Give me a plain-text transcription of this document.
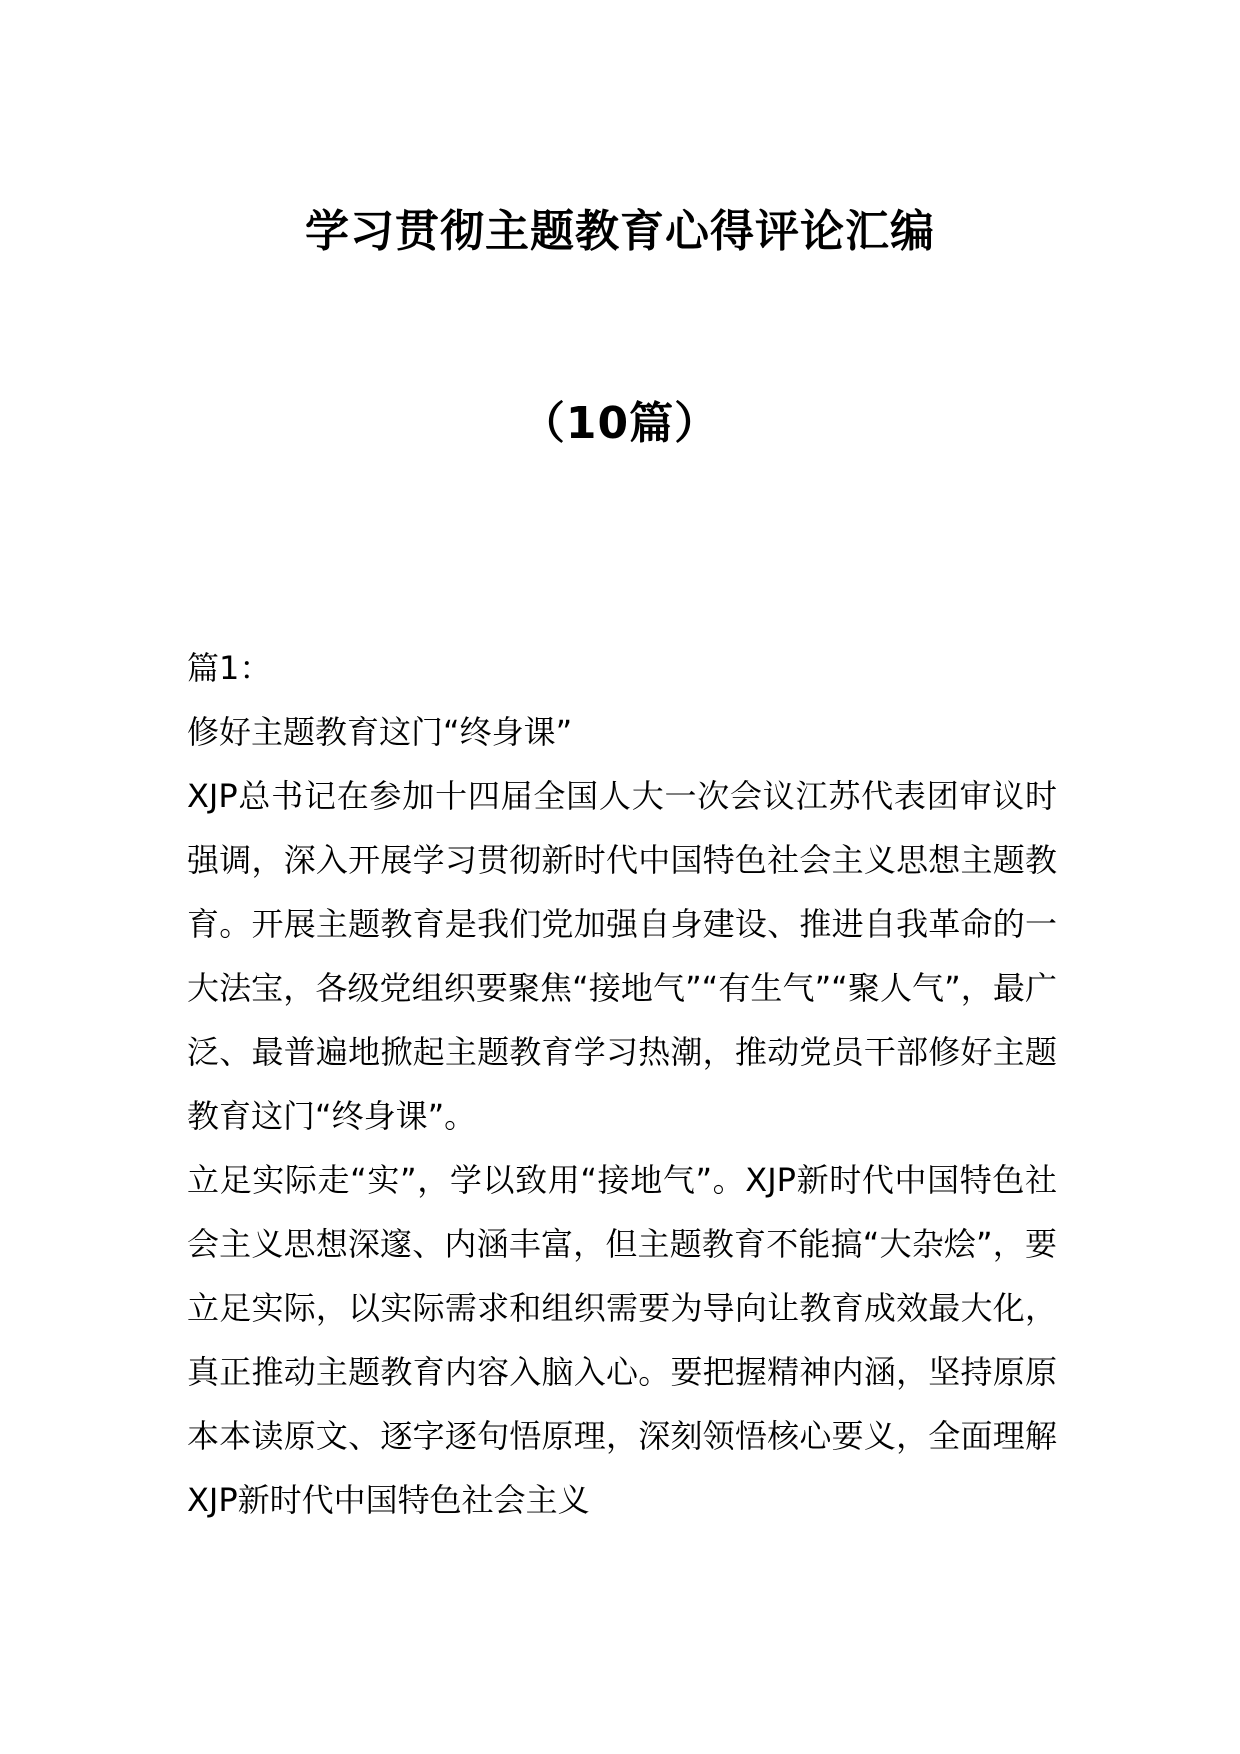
学习贯彻主题教育心得评论汇编
（10篇）

篇1：

修好主题教育这门“终身课”

XJP总书记在参加十四届全国人大一次会议江苏代表团审议时强调，深入开展学习贯彻新时代中国特色社会主义思想主题教育。开展主题教育是我们党加强自身建设、推进自我革命的一大法宝，各级党组织要聚焦“接地气”“有生气”“聚人气”，最广泛、最普遍地掀起主题教育学习热潮，推动党员干部修好主题教育这门“终身课”。

立足实际走“实”，学以致用“接地气”。XJP新时代中国特色社会主义思想深邃、内涵丰富，但主题教育不能搞“大杂烩”，要立足实际，以实际需求和组织需要为导向让教育成效最大化，真正推动主题教育内容入脑入心。要把握精神内涵，坚持原原本本读原文、逐字逐句悟原理，深刻领悟核心要义，全面理解XJP新时代中国特色社会主义
